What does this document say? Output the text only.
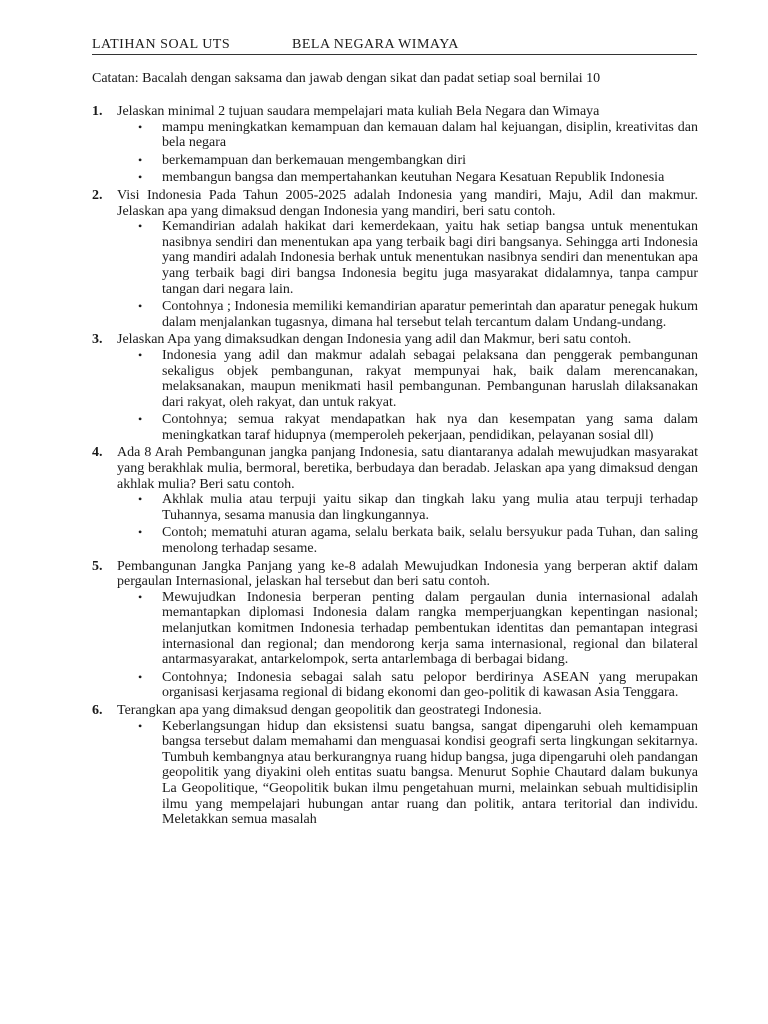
LATIHAN SOAL UTS	BELA NEGARA WIMAYA
Catatan: Bacalah dengan saksama dan jawab dengan sikat dan padat setiap soal bernilai 10
1. Jelaskan minimal 2 tujuan saudara mempelajari mata kuliah Bela Negara dan Wimaya
• mampu meningkatkan kemampuan dan kemauan dalam hal kejuangan, disiplin, kreativitas dan bela negara
• berkemampuan dan berkemauan mengembangkan diri
• membangun bangsa dan mempertahankan keutuhan Negara Kesatuan Republik Indonesia
2. Visi Indonesia Pada Tahun 2005-2025 adalah Indonesia yang mandiri, Maju, Adil dan makmur. Jelaskan apa yang dimaksud dengan Indonesia yang mandiri, beri satu contoh.
• Kemandirian adalah hakikat dari kemerdekaan, yaitu hak setiap bangsa untuk menentukan nasibnya sendiri dan menentukan apa yang terbaik bagi diri bangsanya. Sehingga arti Indonesia yang mandiri adalah Indonesia berhak untuk menentukan nasibnya sendiri dan menentukan apa yang terbaik bagi diri bangsa Indonesia begitu juga masyarakat didalamnya, tanpa campur tangan dari negara lain.
• Contohnya ; Indonesia memiliki kemandirian aparatur pemerintah dan aparatur penegak hukum dalam menjalankan tugasnya, dimana hal tersebut telah tercantum dalam Undang-undang.
3. Jelaskan Apa yang dimaksudkan dengan Indonesia yang adil dan Makmur, beri satu contoh.
• Indonesia yang adil dan makmur adalah sebagai pelaksana dan penggerak pembangunan sekaligus objek pembangunan, rakyat mempunyai hak, baik dalam merencanakan, melaksanakan, maupun menikmati hasil pembangunan. Pembangunan haruslah dilaksanakan dari rakyat, oleh rakyat, dan untuk rakyat.
• Contohnya; semua rakyat mendapatkan hak nya dan kesempatan yang sama dalam meningkatkan taraf hidupnya (memperoleh pekerjaan, pendidikan, pelayanan sosial dll)
4. Ada 8 Arah Pembangunan jangka panjang Indonesia, satu diantaranya adalah mewujudkan masyarakat yang berakhlak mulia, bermoral, beretika, berbudaya dan beradab. Jelaskan apa yang dimaksud dengan akhlak mulia? Beri satu contoh.
• Akhlak mulia atau terpuji yaitu sikap dan tingkah laku yang mulia atau terpuji terhadap Tuhannya, sesama manusia dan lingkungannya.
• Contoh; mematuhi aturan agama, selalu berkata baik, selalu bersyukur pada Tuhan, dan saling menolong terhadap sesame.
5. Pembangunan Jangka Panjang yang ke-8 adalah Mewujudkan Indonesia yang berperan aktif dalam pergaulan Internasional, jelaskan hal tersebut dan beri satu contoh.
• Mewujudkan Indonesia berperan penting dalam pergaulan dunia internasional adalah memantapkan diplomasi Indonesia dalam rangka memperjuangkan kepentingan nasional; melanjutkan komitmen Indonesia terhadap pembentukan identitas dan pemantapan integrasi internasional dan regional; dan mendorong kerja sama internasional, regional dan bilateral antarmasyarakat, antarkelompok, serta antarlembaga di berbagai bidang.
• Contohnya; Indonesia sebagai salah satu pelopor berdirinya ASEAN yang merupakan organisasi kerjasama regional di bidang ekonomi dan geo-politik di kawasan Asia Tenggara.
6. Terangkan apa yang dimaksud dengan geopolitik dan geostrategi Indonesia.
• Keberlangsungan hidup dan eksistensi suatu bangsa, sangat dipengaruhi oleh kemampuan bangsa tersebut dalam memahami dan menguasai kondisi geografi serta lingkungan sekitarnya. Tumbuh kembangnya atau berkurangnya ruang hidup bangsa, juga dipengaruhi oleh pandangan geopolitik yang diyakini oleh entitas suatu bangsa. Menurut Sophie Chautard dalam bukunya La Geopolitique, “Geopolitik bukan ilmu pengetahuan murni, melainkan sebuah multidisiplin ilmu yang mempelajari hubungan antar ruang dan politik, antara teritorial dan individu. Meletakkan semua masalah
